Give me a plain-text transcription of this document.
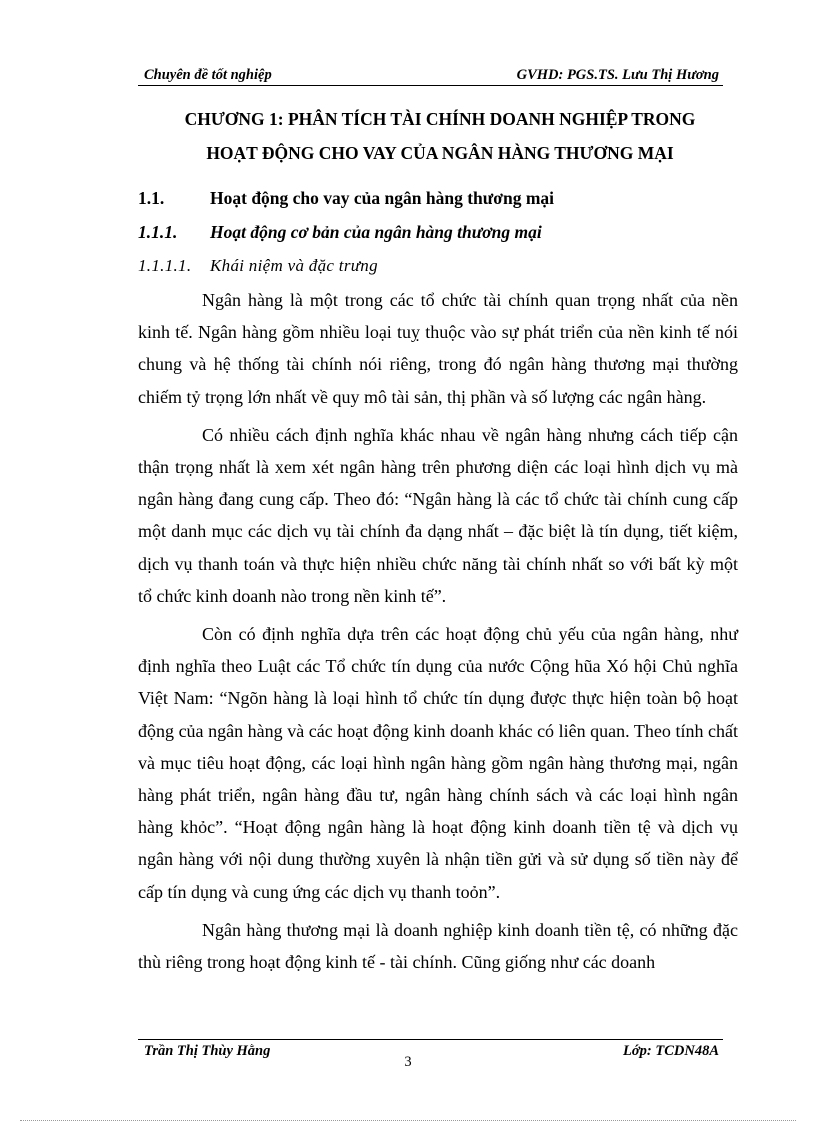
Chuyên đề tốt nghiệp	GVHD: PGS.TS. Lưu Thị Hương
CHƯƠNG 1: PHÂN TÍCH TÀI CHÍNH DOANH NGHIỆP TRONG
HOẠT ĐỘNG CHO VAY CỦA NGÂN HÀNG THƯƠNG MẠI
1.1.	Hoạt động cho vay của ngân hàng thương mại
1.1.1. Hoạt động cơ bản của ngân hàng thương mại
1.1.1.1. Khái niệm và đặc trưng

Ngân hàng là một trong các tổ chức tài chính quan trọng nhất của nền kinh tế. Ngân hàng gồm nhiều loại tuỵ thuộc vào sự phát triển của nền kinh tế nói chung và hệ thống tài chính nói riêng, trong đó ngân hàng thương mại thường chiếm tỷ trọng lớn nhất về quy mô tài sản, thị phần và số lượng các ngân hàng.

Có nhiều cách định nghĩa khác nhau về ngân hàng nhưng cách tiếp cận thận trọng nhất là xem xét ngân hàng trên phương diện các loại hình dịch vụ mà ngân hàng đang cung cấp. Theo đó: “Ngân hàng là các tổ chức tài chính cung cấp một danh mục các dịch vụ tài chính đa dạng nhất – đặc biệt là tín dụng, tiết kiệm, dịch vụ thanh toán và thực hiện nhiều chức năng tài chính nhất so với bất kỳ một tổ chức kinh doanh nào trong nền kinh tế”.

Còn có định nghĩa dựa trên các hoạt động chủ yếu của ngân hàng, như định nghĩa theo Luật các Tổ chức tín dụng của nước Cộng hũa Xó hội Chủ nghĩa Việt Nam: “Ngõn hàng là loại hình tổ chức tín dụng được thực hiện toàn bộ hoạt động của ngân hàng và các hoạt động kinh doanh khác có liên quan. Theo tính chất và mục tiêu hoạt động, các loại hình ngân hàng gồm ngân hàng thương mại, ngân hàng phát triển, ngân hàng đầu tư, ngân hàng chính sách và các loại hình ngân hàng khỏc”. “Hoạt động ngân hàng là hoạt động kinh doanh tiền tệ và dịch vụ ngân hàng với nội dung thường xuyên là nhận tiền gửi và sử dụng số tiền này để cấp tín dụng và cung ứng các dịch vụ thanh toỏn”.

Ngân hàng thương mại là doanh nghiệp kinh doanh tiền tệ, có những đặc thù riêng trong hoạt động kinh tế - tài chính. Cũng giống như các doanh

Trần Thị Thùy Hằng	Lớp: TCDN48A
3
